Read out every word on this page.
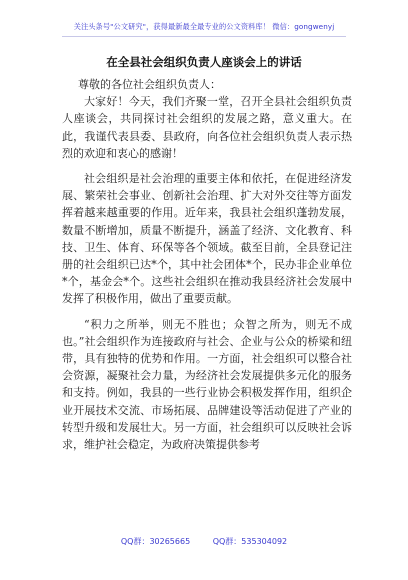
关注头条号"公文研究"，获得最新最全最专业的公文资料库！ 微信：gongwenyj
在全县社会组织负责人座谈会上的讲话

尊敬的各位社会组织负责人：

大家好！今天，我们齐聚一堂，召开全县社会组织负责人座谈会，共同探讨社会组织的发展之路，意义重大。在此，我谨代表县委、县政府，向各位社会组织负责人表示热烈的欢迎和衷心的感谢！

社会组织是社会治理的重要主体和依托，在促进经济发展、繁荣社会事业、创新社会治理、扩大对外交往等方面发挥着越来越重要的作用。近年来，我县社会组织蓬勃发展，数量不断增加，质量不断提升，涵盖了经济、文化教育、科技、卫生、体育、环保等各个领域。截至目前，全县登记注册的社会组织已达*个，其中社会团体*个，民办非企业单位*个，基金会*个。这些社会组织在推动我县经济社会发展中发挥了积极作用，做出了重要贡献。

“积力之所举，则无不胜也；众智之所为，则无不成也。”社会组织作为连接政府与社会、企业与公众的桥梁和纽带，具有独特的优势和作用。一方面，社会组织可以整合社会资源，凝聚社会力量，为经济社会发展提供多元化的服务和支持。例如，我县的一些行业协会积极发挥作用，组织企业开展技术交流、市场拓展、品牌建设等活动促进了产业的转型升级和发展壮大。另一方面，社会组织可以反映社会诉求，维护社会稳定，为政府决策提供参考

QQ群：30265665	QQ群：535304092
